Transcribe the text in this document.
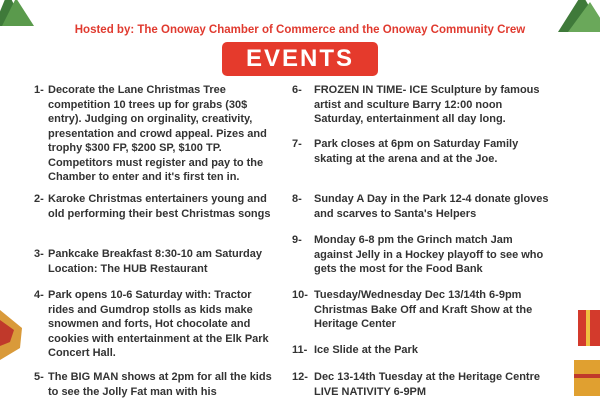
Hosted by: The Onoway Chamber of Commerce and the Onoway Community Crew
EVENTS
1- Decorate the Lane Christmas Tree competition 10 trees up for grabs (30$ entry). Judging on orginality, creativity, presentation and crowd appeal. Pizes and trophy $300 FP, $200 SP, $100 TP. Competitors must register and pay to the Chamber to enter and it's first ten in.
2- Karoke Christmas entertainers young and old performing their best Christmas songs
3- Pankcake Breakfast 8:30-10 am Saturday Location: The HUB Restaurant
4- Park opens 10-6 Saturday with: Tractor rides and Gumdrop stolls as kids make snowmen and forts, Hot chocolate and cookies with entertainment at the Elk Park Concert Hall.
5- The BIG MAN shows at 2pm for all the kids to see the Jolly Fat man with his
6- FROZEN IN TIME- ICE Sculpture by famous artist and sculture Barry 12:00 noon Saturday, entertainment all day long.
7- Park closes at 6pm on Saturday Family skating at the arena and at the Joe.
8- Sunday A Day in the Park 12-4 donate gloves and scarves to Santa's Helpers
9- Monday 6-8 pm the Grinch match Jam against Jelly in a Hockey playoff to see who gets the most for the Food Bank
10- Tuesday/Wednesday Dec 13/14th 6-9pm Christmas Bake Off and Kraft Show at the Heritage Center
11- Ice Slide at the Park
12- Dec 13-14th Tuesday at the Heritage Centre LIVE NATIVITY 6-9PM
